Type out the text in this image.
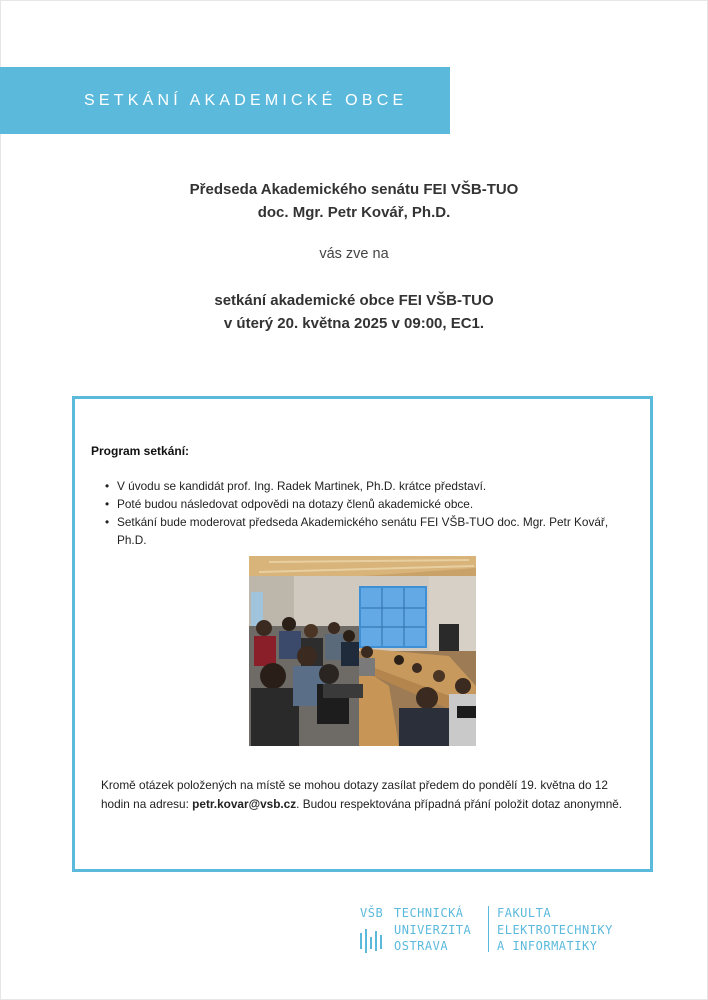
SETKÁNÍ AKADEMICKÉ OBCE
Předseda Akademického senátu FEI VŠB-TUO
doc. Mgr. Petr Kovář, Ph.D.
vás zve na
setkání akademické obce FEI VŠB-TUO
v úterý 20. května 2025 v 09:00, EC1.
Program setkání:
• V úvodu se kandidát prof. Ing. Radek Martinek, Ph.D. krátce představí.
• Poté budou následovat odpovědi na dotazy členů akademické obce.
• Setkání bude moderovat předseda Akademického senátu FEI VŠB-TUO doc. Mgr. Petr Kovář, Ph.D.
Kromě otázek položených na místě se mohou dotazy zasílat předem do pondělí 19. května do 12 hodin na adresu: petr.kovar@vsb.cz. Budou respektována případná přání položit dotaz anonymně.
VŠB TECHNICKÁ
UNIVERZITA
OSTRAVA
FAKULTA
ELEKTROTECHNIKY
A INFORMATIKY
